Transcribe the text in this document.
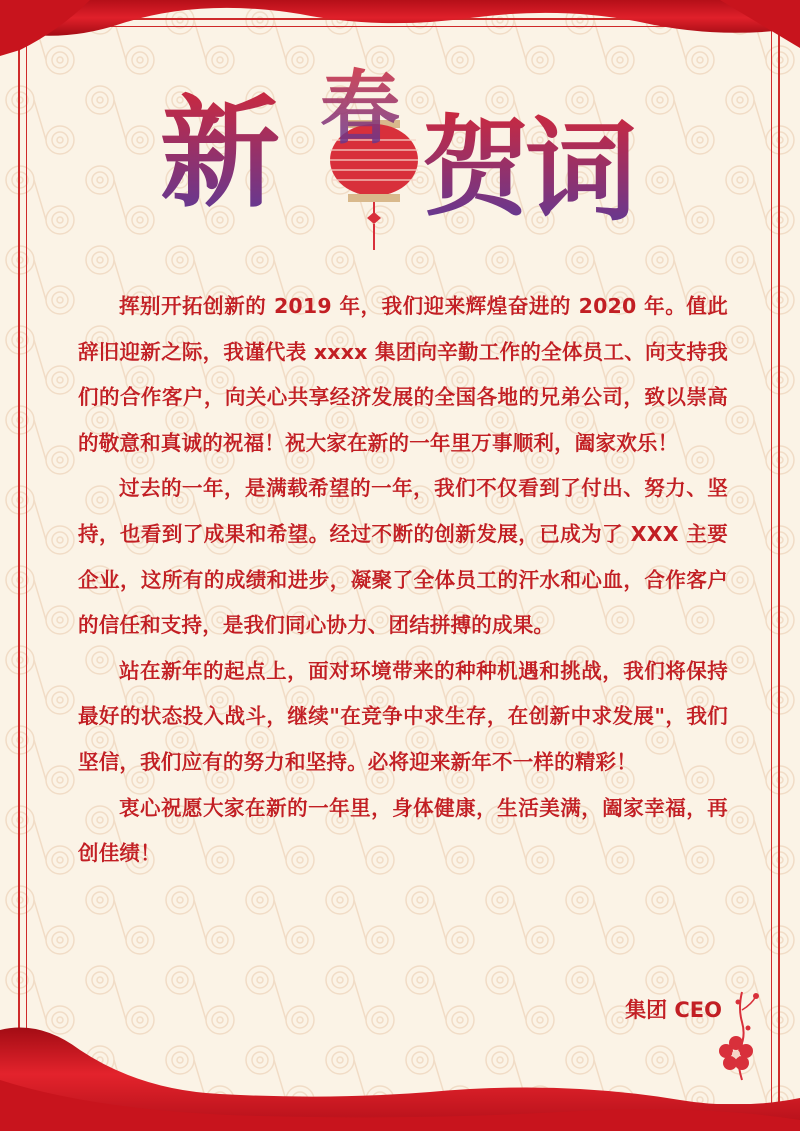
新 春 贺
词

挥别开拓创新的 2019 年，我们迎来辉煌奋进的 2020 年。值此辞旧迎新之际，我谨代表 xxxx 集团向辛勤工作的全体员工、向支持我们的合作客户，向关心共享经济发展的全国各地的兄弟公司，致以崇高的敬意和真诚的祝福！祝大家在新的一年里万事顺利，阖家欢乐！

过去的一年，是满载希望的一年，我们不仅看到了付出、努力、坚持，也看到了成果和希望。经过不断的创新发展，已成为了 XXX 主要企业，这所有的成绩和进步，凝聚了全体员工的汗水和心血，合作客户的信任和支持，是我们同心协力、团结拼搏的成果。

站在新年的起点上，面对环境带来的种种机遇和挑战，我们将保持最好的状态投入战斗，继续"在竞争中求生存，在创新中求发展"，我们坚信，我们应有的努力和坚持。必将迎来新年不一样的精彩！

衷心祝愿大家在新的一年里，身体健康，生活美满，阖家幸福，再创佳绩！

集团 CEO
